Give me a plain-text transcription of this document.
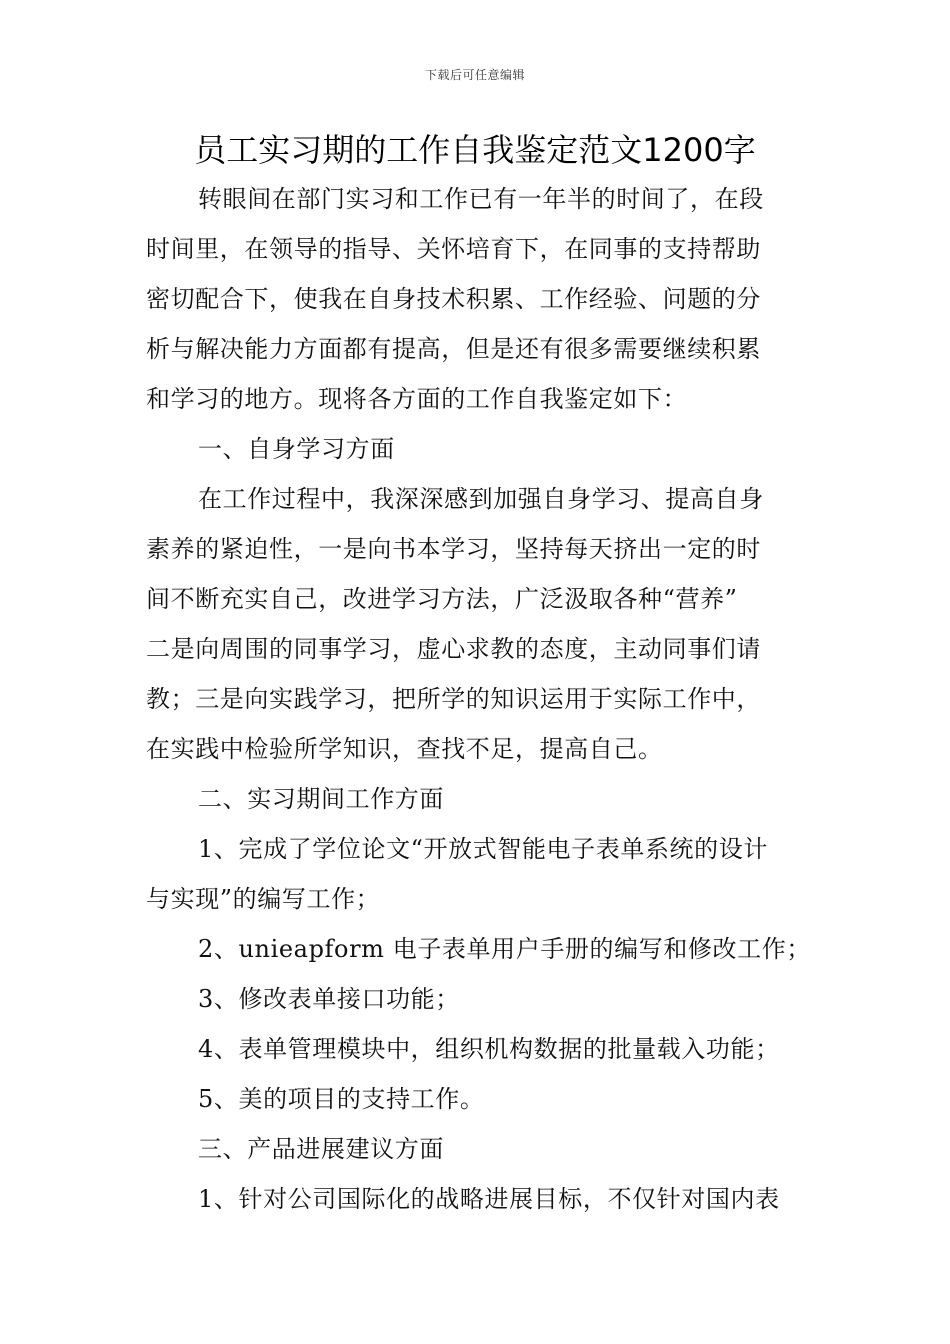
下载后可任意编辑
员工实习期的工作自我鉴定范文1200字

转眼间在部门实习和工作已有一年半的时间了，在段

时间里，在领导的指导、关怀培育下，在同事的支持帮助

密切配合下，使我在自身技术积累、工作经验、问题的分

析与解决能力方面都有提高，但是还有很多需要继续积累

和学习的地方。现将各方面的工作自我鉴定如下：

一、自身学习方面

在工作过程中，我深深感到加强自身学习、提高自身

素养的紧迫性，一是向书本学习，坚持每天挤出一定的时

间不断充实自己，改进学习方法，广泛汲取各种“营养”

二是向周围的同事学习，虚心求教的态度，主动同事们请

教；三是向实践学习，把所学的知识运用于实际工作中，

在实践中检验所学知识，查找不足，提高自己。

二、实习期间工作方面

1、完成了学位论文“开放式智能电子表单系统的设计

与实现”的编写工作；

2、unieapform 电子表单用户手册的编写和修改工作；

3、修改表单接口功能；

4、表单管理模块中，组织机构数据的批量载入功能；

5、美的项目的支持工作。

三、产品进展建议方面

1、针对公司国际化的战略进展目标，不仅针对国内表
